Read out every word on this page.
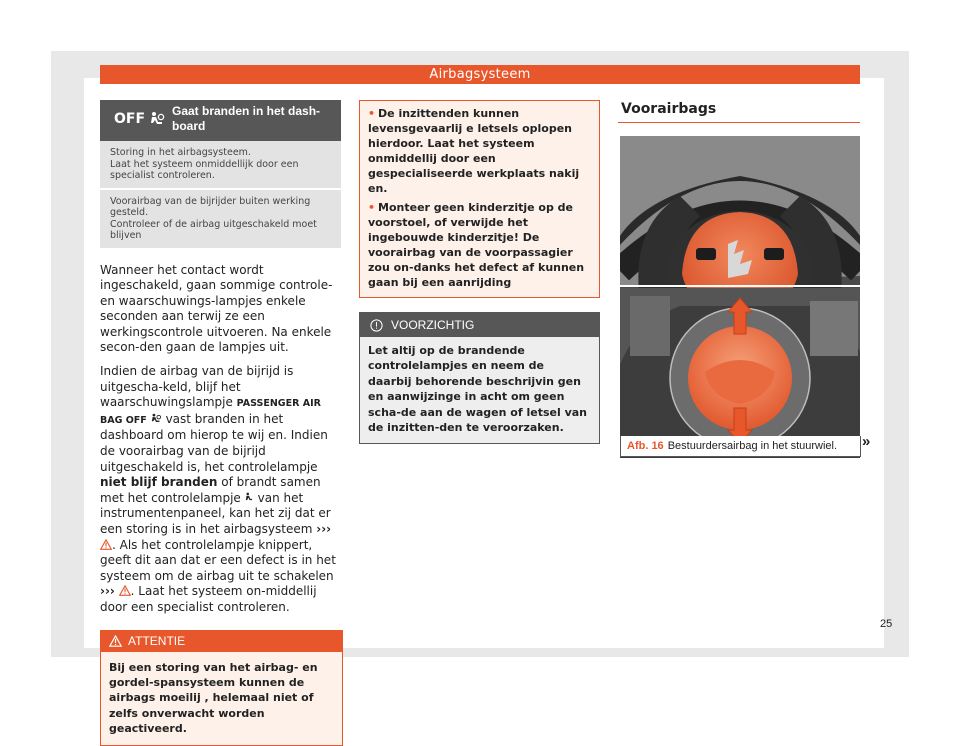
Airbagsysteem
OFF Gaat branden in het dash-board
Storing in het airbagsysteem.
Laat het systeem onmiddellijk door een specialist controleren.
Voorairbag van de bijrijder buiten werking gesteld.
Controleer of de airbag uitgeschakeld moet blijven

Wanneer het contact wordt ingeschakeld, gaan sommige controle- en waarschuwings-lampjes enkele seconden aan terwij ze een werkingscontrole uitvoeren. Na enkele secon-den gaan de lampjes uit.

Indien de airbag van de bijrijd is uitgescha-keld, blijf het waarschuwingslampje PASSENGER AIR BAG OFF vast branden in het dashboard om hierop te wij en. Indien de voorairbag van de bijrijd uitgeschakeld is, het controlelampje niet blijf branden of brandt samen met het controlelampje van het instrumentenpaneel, kan het zij dat er een storing is in het airbagsysteem ››› . Als het controlelampje knippert, geeft dit aan dat er een defect is in het systeem om de airbag uit te schakelen ››› . Laat het systeem on-middellij door een specialist controleren.

ATTENTIE
Bij een storing van het airbag- en gordel-spansysteem kunnen de airbags moeilij , helemaal niet of zelfs onverwacht worden geactiveerd.
• De inzittenden kunnen levensgevaarlij e letsels oplopen hierdoor. Laat het systeem onmiddellij door een gespecialiseerde werkplaats nakij en.
• Monteer geen kinderzitje op de voorstoel, of verwijde het ingebouwde kinderzitje! De voorairbag van de voorpassagier zou on-danks het defect af kunnen gaan bij een aanrijding
VOORZICHTIG
Let altij op de brandende controlelampjes en neem de daarbij behorende beschrijvin gen en aanwijzinge in acht om geen scha-de aan de wagen of letsel van de inzitten-den te veroorzaken.
Voorairbags
Afb. 16 Bestuurdersairbag in het stuurwiel.	»
25
